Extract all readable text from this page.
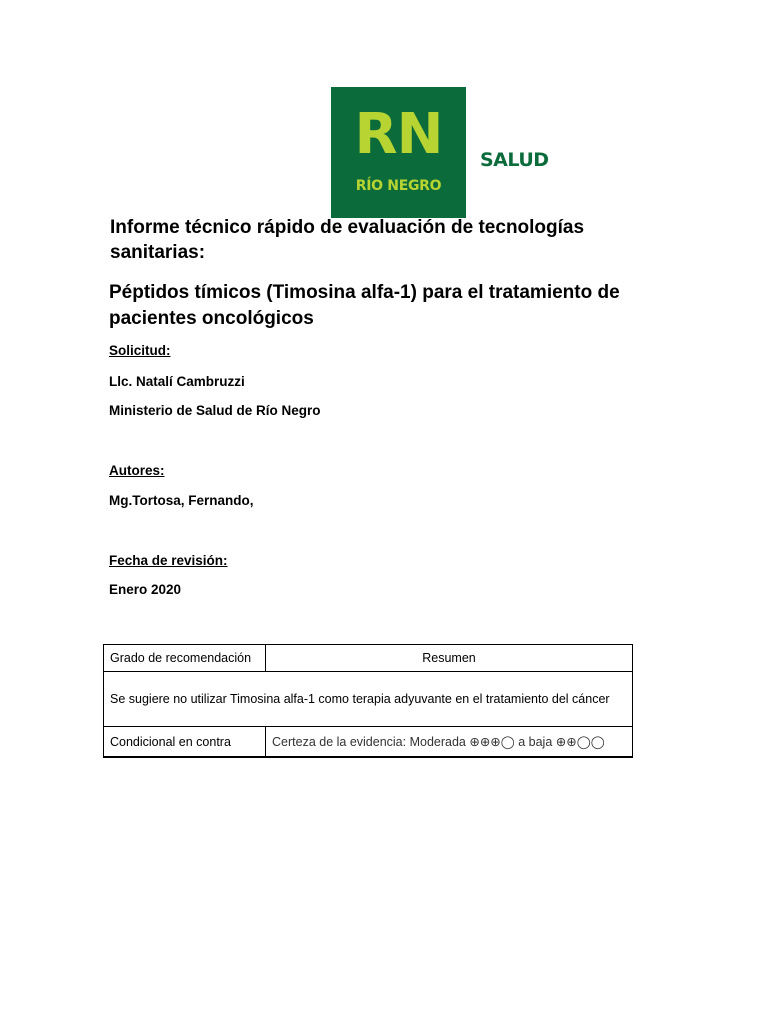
RN
RÍO NEGRO
SALUD
Informe técnico rápido de evaluación de tecnologías sanitarias:
Péptidos tímicos (Timosina alfa-1) para el tratamiento de pacientes oncológicos
Solicitud:
Llc. Natalí Cambruzzi
Ministerio de Salud de Río Negro
Autores:
Mg.Tortosa, Fernando,
Fecha de revisión:
Enero 2020
Grado de recomendación	Resumen
Se sugiere no utilizar Timosina alfa-1 como terapia adyuvante en el tratamiento del cáncer	
Condicional en contra	Certeza de la evidencia: Moderada ⊕⊕⊕◯ a baja ⊕⊕◯◯
